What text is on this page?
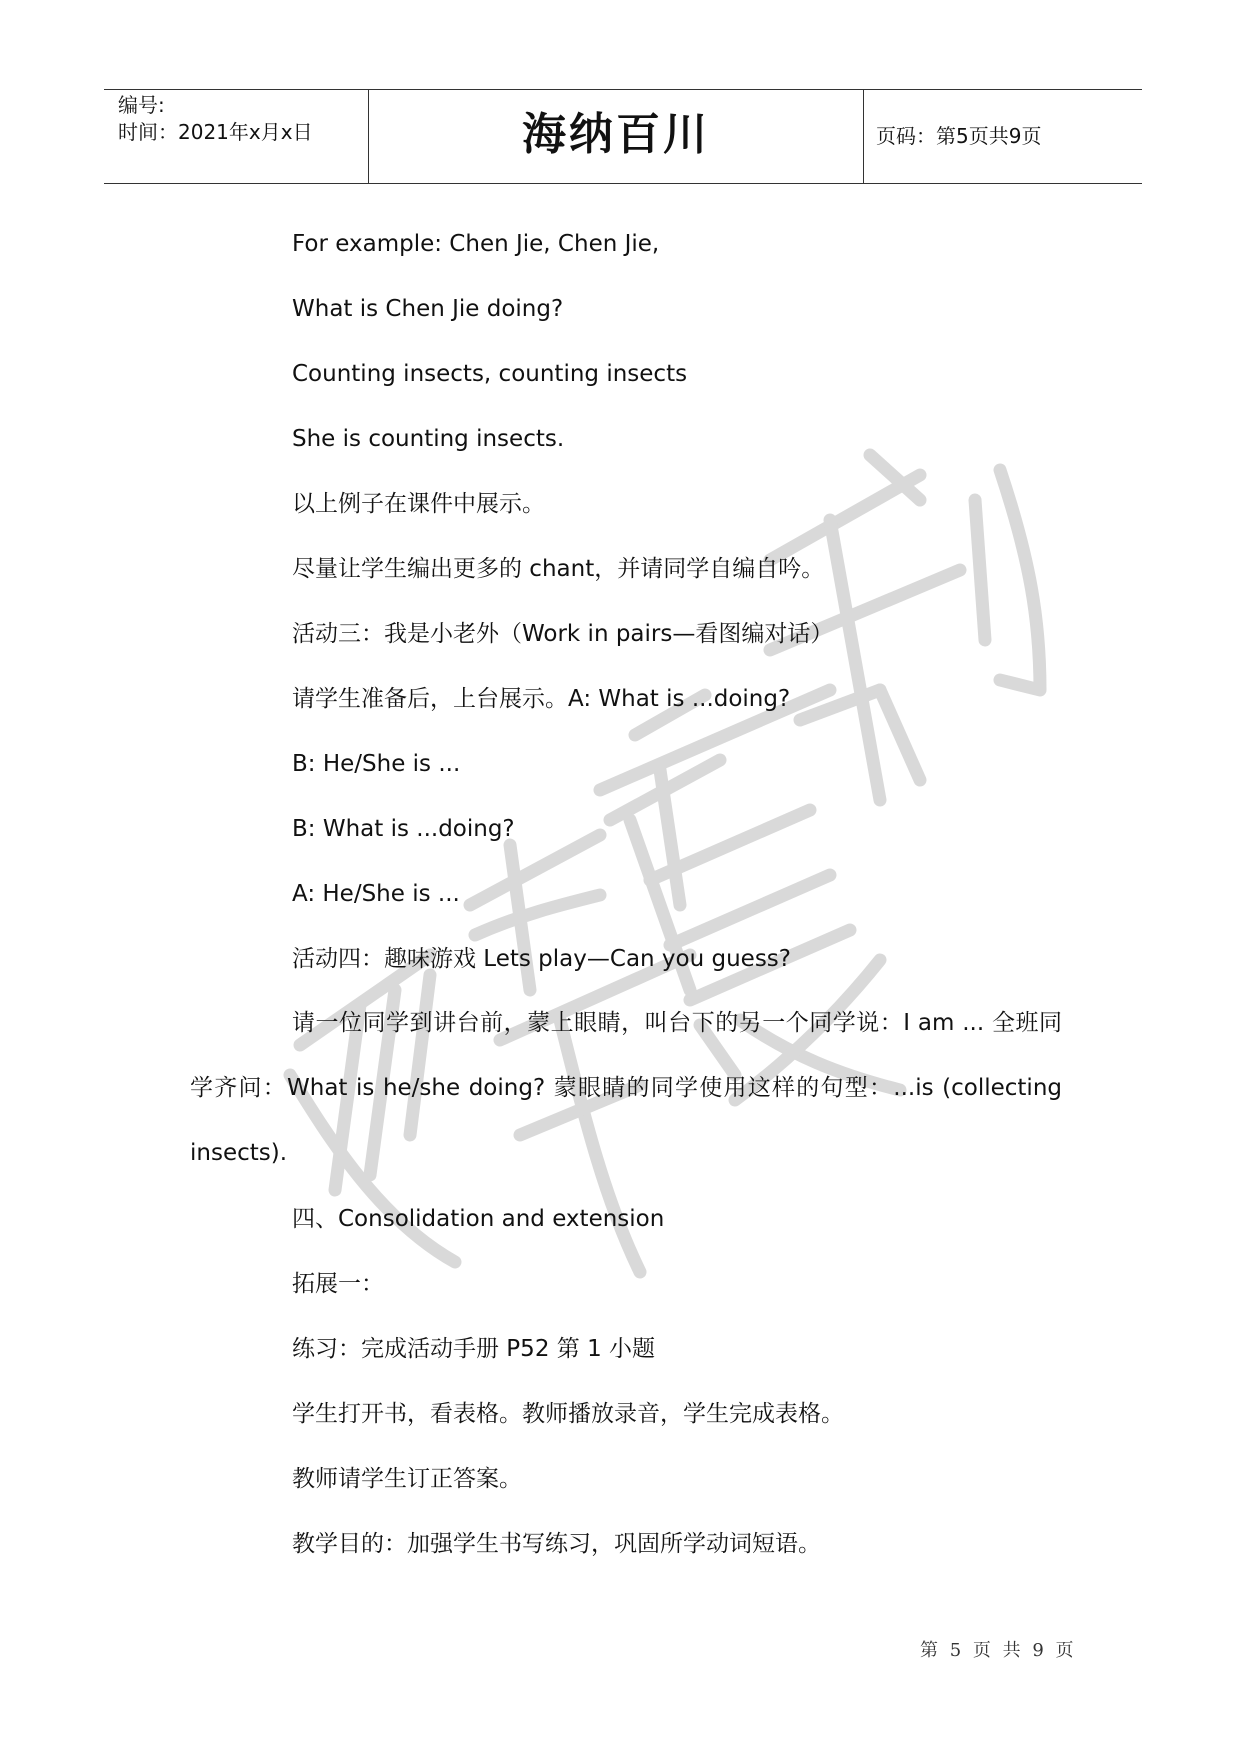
编号:
时间：2021年x月x日	海纳百川	页码：第5页共9页
For example: Chen Jie, Chen Jie,
What is Chen Jie doing?
Counting insects, counting insects
She is counting insects.
以上例子在课件中展示。
尽量让学生编出更多的 chant，并请同学自编自吟。
活动三：我是小老外（Work in pairs—看图编对话）
请学生准备后，上台展示。A: What is ...doing?
B: He/She is ...
B: What is ...doing?
A: He/She is ...
活动四：趣味游戏 Lets play—Can you guess?
请一位同学到讲台前，蒙上眼睛，叫台下的另一个同学说：I am ... 全班同学齐问：What is he/she doing? 蒙眼睛的同学使用这样的句型：...is (collecting insects).
四、Consolidation and extension
拓展一：
练习：完成活动手册 P52 第 1 小题
学生打开书，看表格。教师播放录音，学生完成表格。
教师请学生订正答案。
教学目的：加强学生书写练习，巩固所学动词短语。
第 5 页 共 9 页
